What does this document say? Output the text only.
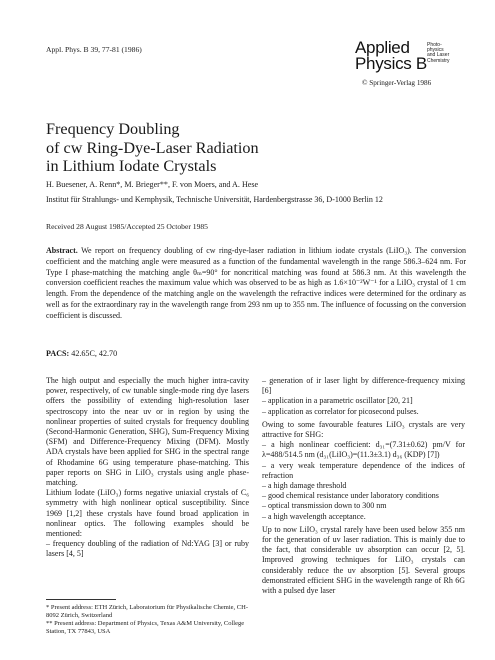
Appl. Phys. B 39, 77-81 (1986)	Applied
Physics B
Photo-
physics
and Laser
Chemistry
© Springer-Verlag 1986
Frequency Doubling
of cw Ring-Dye-Laser Radiation
in Lithium Iodate Crystals
H. Buesener, A. Renn*, M. Brieger**, F. von Moers, and A. Hese
Institut für Strahlungs- und Kernphysik, Technische Universität, Hardenbergstrasse 36, D-1000 Berlin 12
Received 28 August 1985/Accepted 25 October 1985
Abstract. We report on frequency doubling of cw ring-dye-laser radiation in lithium iodate crystals (LiIO₃). The conversion coefficient and the matching angle were measured as a function of the fundamental wavelength in the range 586.3–624 nm. For Type I phase-matching the matching angle θₘ=90° for noncritical matching was found at 586.3 nm. At this wavelength the conversion coefficient reaches the maximum value which was observed to be as high as 1.6×10⁻²W⁻¹ for a LiIO₃ crystal of 1 cm length. From the dependence of the matching angle on the wavelength the refractive indices were determined for the ordinary as well as for the extraordinary ray in the wavelength range from 293 nm up to 355 nm. The influence of focussing on the conversion coefficient is discussed.
PACS: 42.65C, 42.70

The high output and especially the much higher intra-cavity power, respectively, of cw tunable single-mode ring dye lasers offers the possibility of extending high-resolution laser spectroscopy into the near uv or in region by using the nonlinear properties of suited crystals for frequency doubling (Second-Harmonic Generation, SHG), Sum-Frequency Mixing (SFM) and Difference-Frequency Mixing (DFM). Mostly ADA crystals have been applied for SHG in the spectral range of Rhodamine 6G using temperature phase-matching. This paper reports on SHG in LiIO₃ crystals using angle phase-matching.

Lithium Iodate (LiIO₃) forms negative uniaxial crystals of C₆ symmetry with high nonlinear optical susceptibility. Since 1969 [1,2] these crystals have found broad application in nonlinear optics. The following examples should be mentioned:

– frequency doubling of the radiation of Nd:YAG [3] or ruby lasers [4, 5]

– generation of ir laser light by difference-frequency mixing [6]

– application in a parametric oscillator [20, 21]

– application as correlator for picosecond pulses.

Owing to some favourable features LiIO₃ crystals are very attractive for SHG:

– a high nonlinear coefficient: d₃₁=(7.31±0.62) pm/V for λ=488/514.5 nm (d₃₁(LiIO₃)=(11.3±3.1) d₃₆ (KDP) [7])

– a very weak temperature dependence of the indices of refraction

– a high damage threshold

– good chemical resistance under laboratory conditions

– optical transmission down to 300 nm

– a high wavelength acceptance.

Up to now LiIO₃ crystal rarely have been used below 355 nm for the generation of uv laser radiation. This is mainly due to the fact, that considerable uv absorption can occur [2, 5]. Improved growing techniques for LiIO₃ crystals can considerably reduce the uv absorption [5]. Several groups demonstrated efficient SHG in the wavelength range of Rh 6G with a pulsed dye laser

* Present address: ETH Zürich, Laboratorium für Physikalische Chemie, CH-8092 Zürich, Switzerland
** Present address: Department of Physics, Texas A&M University, College Station, TX 77843, USA
